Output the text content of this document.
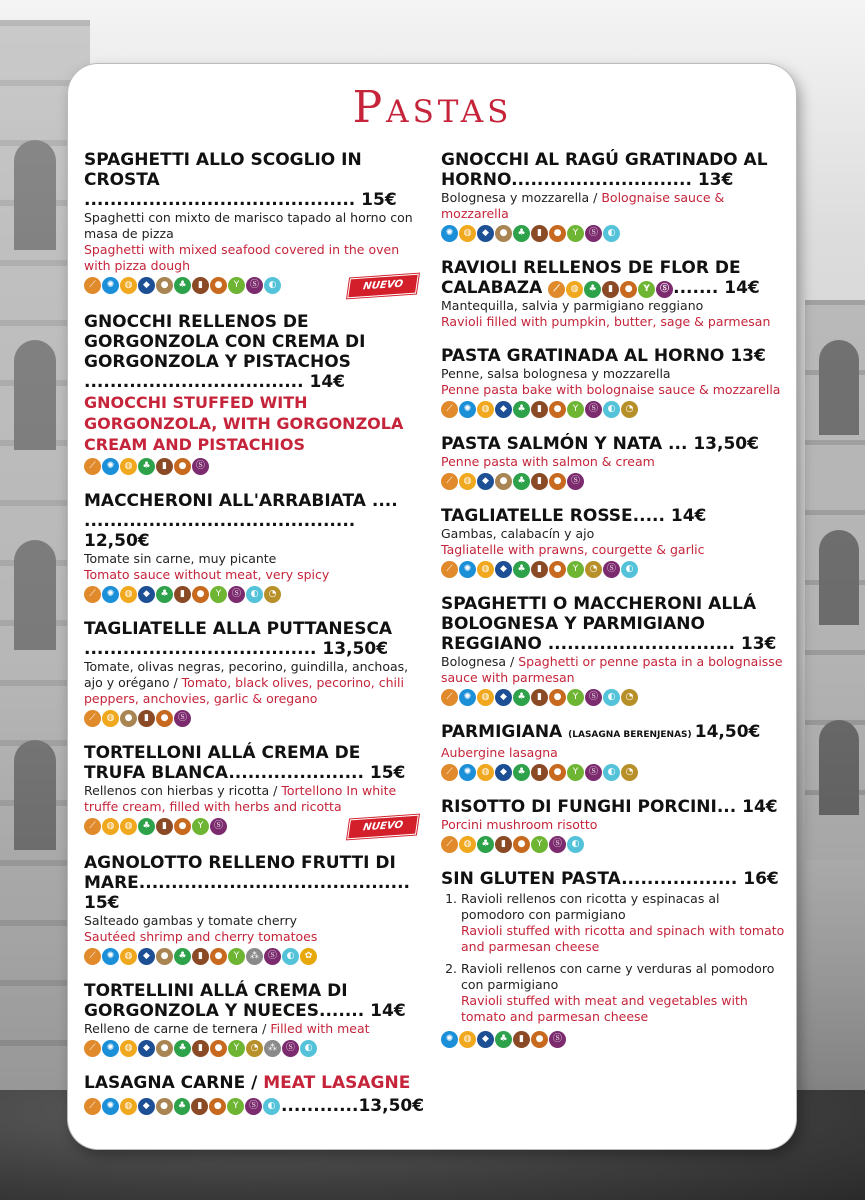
Pastas
SPAGHETTI ALLO SCOGLIO IN CROSTA .......................................... 15€
Spaghetti con mixto de marisco tapado al horno con masa de pizza
Spaghetti with mixed seafood covered in the oven with pizza dough
⟋	✺	◍	◆	●	♣	▮	●	Y	Ⓢ	◐	NUEVO
GNOCCHI RELLENOS DE GORGONZOLA CON CREMA DI GORGONZOLA Y PISTACHOS .................................. 14€
GNOCCHI STUFFED WITH GORGONZOLA, WITH GORGONZOLA CREAM AND PISTACHIOS
⟋	✺	◍	♣	▮	●	Ⓢ
MACCHERONI ALL'ARRABIATA .... .......................................... 12,50€
Tomate sin carne, muy picante
Tomato sauce without meat, very spicy
⟋	✺	◍	◆	♣	▮	●	Y	Ⓢ	◐	◔
TAGLIATELLE ALLA PUTTANESCA .................................... 13,50€
Tomate, olivas negras, pecorino, guindilla, anchoas, ajo y orégano / Tomato, black olives, pecorino, chili peppers, anchovies, garlic & oregano
⟋	◍	●	▮	●	Ⓢ
TORTELLONI ALLÁ CREMA DE TRUFA BLANCA..................... 15€
Rellenos con hierbas y ricotta / Tortellono In white truffe cream, filled with herbs and ricotta
⟋	◍	◍	♣	▮	●	Y	Ⓢ	NUEVO
AGNOLOTTO RELLENO FRUTTI DI MARE.......................................... 15€
Salteado gambas y tomate cherry
Sautéed shrimp and cherry tomatoes
⟋	✺	◍	◆	●	♣	▮	●	Y	⁂ Ⓢ	◐	✿
TORTELLINI ALLÁ CREMA DI GORGONZOLA Y NUECES....... 14€
Relleno de carne de ternera / Filled with meat
⟋	✺	◍	◆	●	♣	▮	●	Y	◔	⁂ Ⓢ	◐
LASAGNA CARNE / MEAT LASAGNE
⟋	✺	◍	◆	●	♣	▮	●	Y	Ⓢ	◐ ............13,50€
GNOCCHI AL RAGÚ GRATINADO AL HORNO............................ 13€
Bolognesa y mozzarella / Bolognaise sauce & mozzarella
✺	◍	◆	●	♣	▮	●	Y	Ⓢ	◐
RAVIOLI RELLENOS DE FLOR DE CALABAZA ⟋	◍	♣	▮	●	Y	Ⓢ ....... 14€
Mantequilla, salvia y parmigiano reggiano
Ravioli filled with pumpkin, butter, sage & parmesan
PASTA GRATINADA AL HORNO 13€
Penne, salsa bolognesa y mozzarella
Penne pasta bake with bolognaise sauce & mozzarella
⟋	✺	◍	◆	♣	▮	●	Y	Ⓢ	◐	◔
PASTA SALMÓN Y NATA ... 13,50€
Penne pasta with salmon & cream
⟋	◍	◆	●	♣	▮	●	Ⓢ
TAGLIATELLE ROSSE..... 14€
Gambas, calabacín y ajo
Tagliatelle with prawns, courgette & garlic
⟋	✺	◍	◆	♣	▮	●	Y	◔	Ⓢ	◐
SPAGHETTI O MACCHERONI ALLÁ BOLOGNESA Y PARMIGIANO REGGIANO ............................. 13€
Bolognesa / Spaghetti or penne pasta in a bolognaisse sauce with parmesan
⟋	✺	◍	◆	♣	▮	●	Y	Ⓢ	◐	◔
PARMIGIANA (LASAGNA BERENJENAS) 14,50€
Aubergine lasagna
⟋	✺	◍	◆	♣	▮	●	Y	Ⓢ	◐	◔
RISOTTO DI FUNGHI PORCINI... 14€
Porcini mushroom risotto
⟋	◍	♣	▮	●	Y	Ⓢ	◐
SIN GLUTEN PASTA.................. 16€
1. Ravioli rellenos con ricotta y espinacas al pomodoro con parmigiano
Ravioli stuffed with ricotta and spinach with tomato and parmesan cheese
2. Ravioli rellenos con carne y verduras al pomodoro con parmigiano
Ravioli stuffed with meat and vegetables with tomato and parmesan cheese
✺	◍	◆	♣	▮	●	Ⓢ
